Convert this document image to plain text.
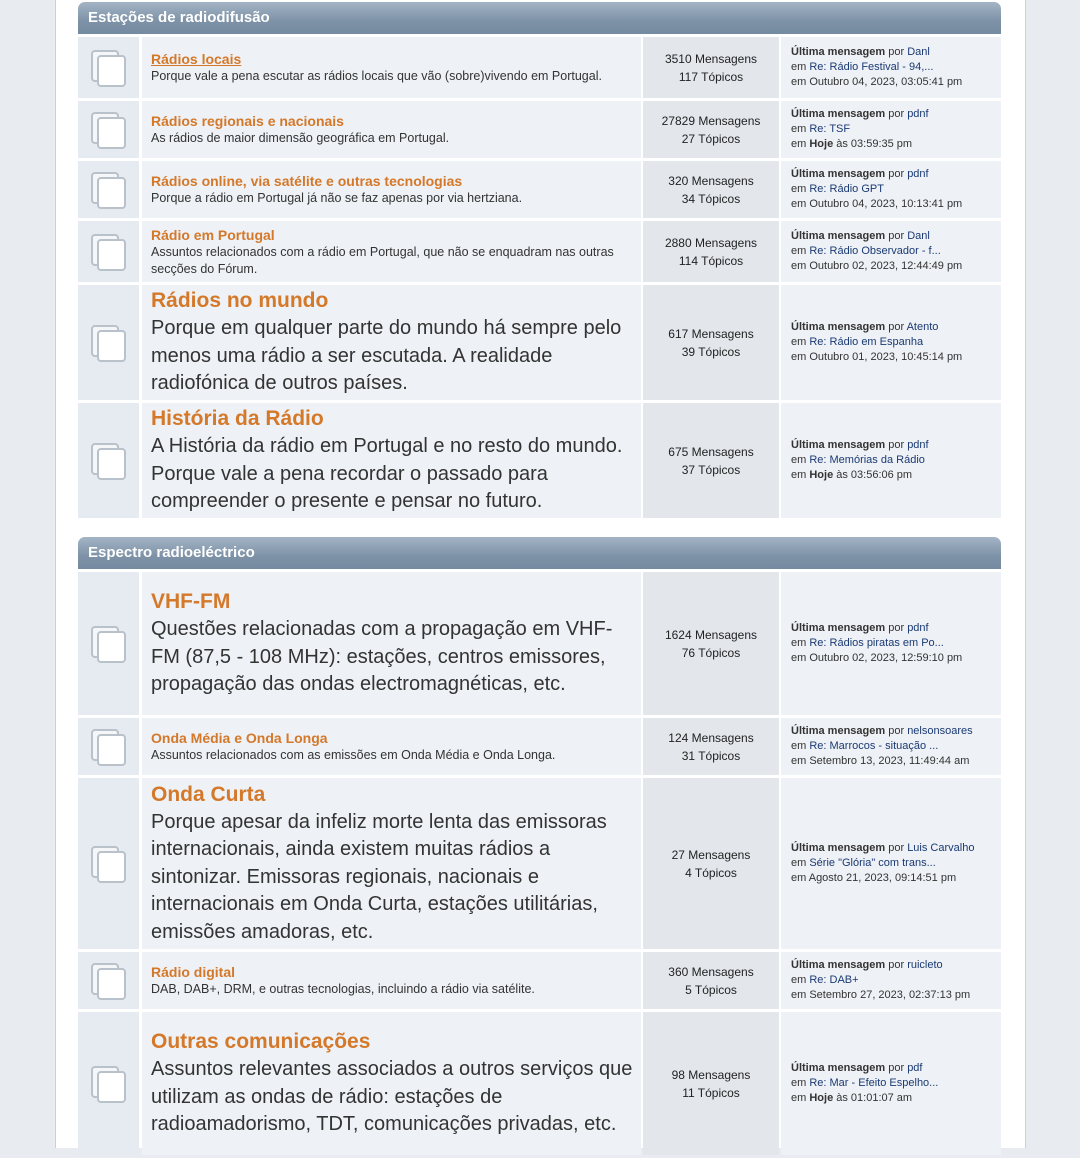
Estações de radiodifusão
Rádios locais
Porque vale a pena escutar as rádios locais que vão (sobre)vivendo em Portugal.
3510 Mensagens
117 Tópicos
Última mensagem por Danl
em Re: Rádio Festival - 94,...
em Outubro 04, 2023, 03:05:41 pm
Rádios regionais e nacionais
As rádios de maior dimensão geográfica em Portugal.
27829 Mensagens
27 Tópicos
Última mensagem por pdnf
em Re: TSF
em Hoje às 03:59:35 pm
Rádios online, via satélite e outras tecnologias
Porque a rádio em Portugal já não se faz apenas por via hertziana.
320 Mensagens
34 Tópicos
Última mensagem por pdnf
em Re: Rádio GPT
em Outubro 04, 2023, 10:13:41 pm
Rádio em Portugal
Assuntos relacionados com a rádio em Portugal, que não se enquadram nas outras secções do Fórum.
2880 Mensagens
114 Tópicos
Última mensagem por Danl
em Re: Rádio Observador - f...
em Outubro 02, 2023, 12:44:49 pm
Rádios no mundo
Porque em qualquer parte do mundo há sempre pelo menos uma rádio a ser escutada. A realidade radiofónica de outros países.
617 Mensagens
39 Tópicos
Última mensagem por Atento
em Re: Rádio em Espanha
em Outubro 01, 2023, 10:45:14 pm
História da Rádio
A História da rádio em Portugal e no resto do mundo. Porque vale a pena recordar o passado para compreender o presente e pensar no futuro.
675 Mensagens
37 Tópicos
Última mensagem por pdnf
em Re: Memórias da Rádio
em Hoje às 03:56:06 pm
Espectro radioeléctrico
VHF-FM
Questões relacionadas com a propagação em VHF-FM (87,5 - 108 MHz): estações, centros emissores, propagação das ondas electromagnéticas, etc.
1624 Mensagens
76 Tópicos
Última mensagem por pdnf
em Re: Rádios piratas em Po...
em Outubro 02, 2023, 12:59:10 pm
Onda Média e Onda Longa
Assuntos relacionados com as emissões em Onda Média e Onda Longa.
124 Mensagens
31 Tópicos
Última mensagem por nelsonsoares
em Re: Marrocos - situação ...
em Setembro 13, 2023, 11:49:44 am
Onda Curta
Porque apesar da infeliz morte lenta das emissoras internacionais, ainda existem muitas rádios a sintonizar. Emissoras regionais, nacionais e internacionais em Onda Curta, estações utilitárias, emissões amadoras, etc.
27 Mensagens
4 Tópicos
Última mensagem por Luis Carvalho
em Série "Glória" com trans...
em Agosto 21, 2023, 09:14:51 pm
Rádio digital
DAB, DAB+, DRM, e outras tecnologias, incluindo a rádio via satélite.
360 Mensagens
5 Tópicos
Última mensagem por ruicleto
em Re: DAB+
em Setembro 27, 2023, 02:37:13 pm
Outras comunicações
Assuntos relevantes associados a outros serviços que utilizam as ondas de rádio: estações de radioamadorismo, TDT, comunicações privadas, etc.
98 Mensagens
11 Tópicos
Última mensagem por pdf
em Re: Mar - Efeito Espelho...
em Hoje às 01:01:07 am
